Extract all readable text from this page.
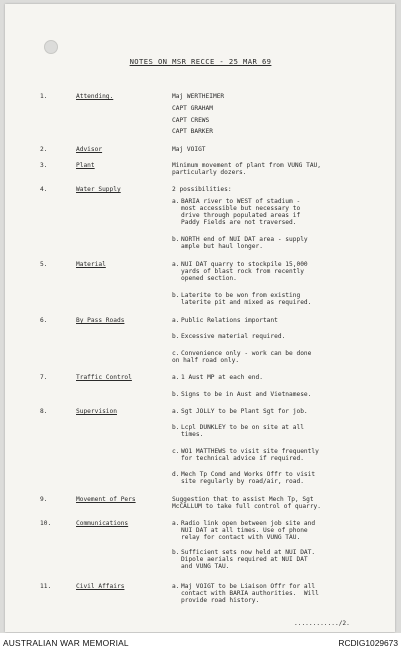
NOTES ON MSR RECCE - 25 MAR 69
1.	Attending.	Maj WERTHEIMER
CAPT GRAHAM
CAPT CREWS
CAPT BARKER
2.	Advisor	Maj VOIGT
3.	Plant	Minimum movement of plant from VUNG TAU,
particularly dozers.
4.	Water Supply	2 possibilities:
a. BARIA river to WEST of stadium -
most accessible but necessary to
drive through populated areas if
Paddy Fields are not traversed.
b. NORTH end of NUI DAT area - supply
ample but haul longer.
5.	Material	a. NUI DAT quarry to stockpile 15,000
yards of blast rock from recently
opened section.
b. Laterite to be won from existing
laterite pit and mixed as required.
6.	By Pass Roads	a. Public Relations important
b. Excessive material required.
c. Convenience only - work can be done
on half road only.
7.	Traffic Control	a. 1 Aust MP at each end.
b. Signs to be in Aust and Vietnamese.
8.	Supervision	a. Sgt JOLLY to be Plant Sgt for job.
b. Lcpl DUNKLEY to be on site at all
times.
c. WO1 MATTHEWS to visit site frequently
for technical advice if required.
d. Mech Tp Comd and Works Offr to visit
site regularly by road/air, road.
9.	Movement of Pers	Suggestion that to assist Mech Tp, Sgt
McCALLUM to take full control of quarry.
10.	Communications	a. Radio link open between job site and
NUI DAT at all times. Use of phone
relay for contact with VUNG TAU.
b. Sufficient sets now held at NUI DAT.
Dipole aerials required at NUI DAT
and VUNG TAU.
11.	Civil Affairs	a. Maj VOIGT to be Liaison Offr for all
contact with BARIA authorities.  Will
provide road history.
............/2.
AUSTRALIAN WAR MEMORIAL	RCDIG1029673
